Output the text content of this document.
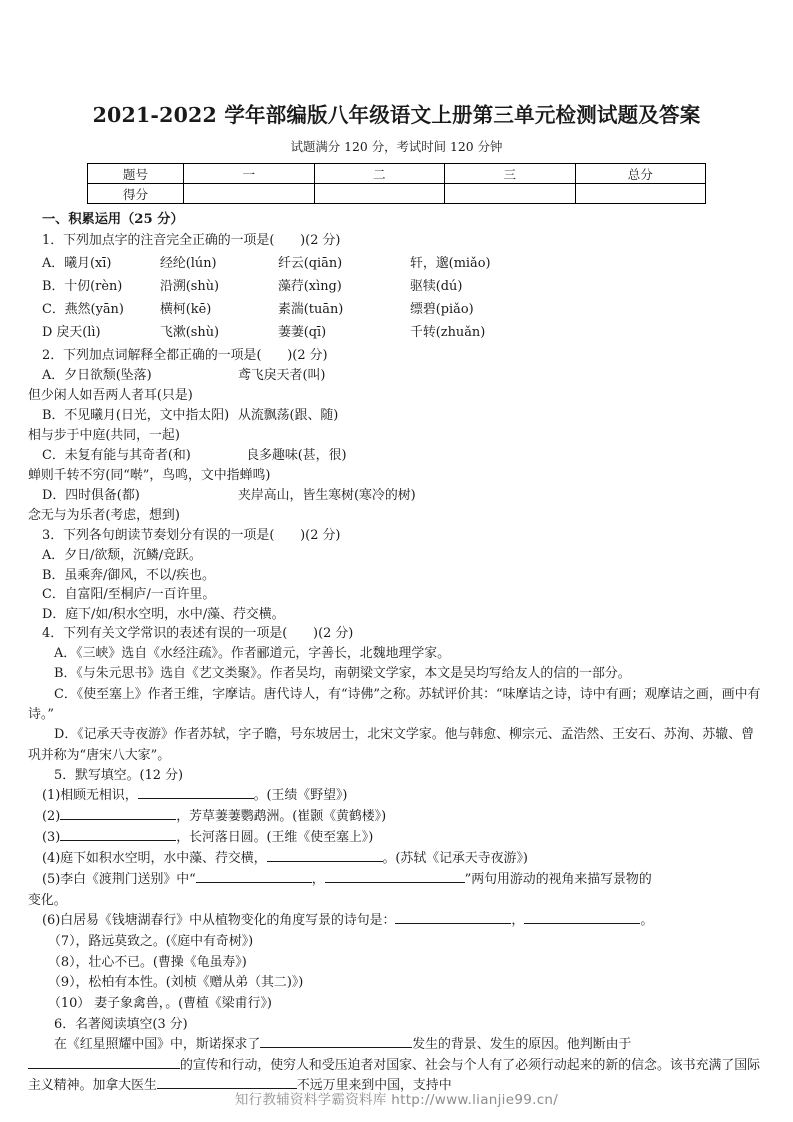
2021-2022 学年部编版八年级语文上册第三单元检测试题及答案
试题满分 120 分，考试时间 120 分钟
题号	一	二	三	总分
得分				
一、积累运用（25 分）
1．下列加点字的注音完全正确的一项是(　　)(2 分)
A．曦月(xī)	经纶(lún)	纤云(qiān)	轩，邈(miǎo)
B．十仞(rèn)	沿溯(shù)	藻荇(xìng)	驱犊(dú)
C．燕然(yān)	横柯(kē)	素湍(tuān)	缥碧(piǎo)
D 戾天(lì)	飞漱(shù)	萋萋(qī)	千转(zhuǎn)
2．下列加点词解释全都正确的一项是(　　)(2 分)
A．夕日欲颓(坠落)	鸢飞戾天者(叫)
但少闲人如吾两人者耳(只是)
B．不见曦月(日光，文中指太阳) 从流飘荡(跟、随)
相与步于中庭(共同，一起)
C．未复有能与其奇者(和)	良多趣味(甚，很)
蝉则千转不穷(同“啭”，鸟鸣，文中指蝉鸣)
D．四时俱备(都)	夹岸高山，皆生寒树(寒冷的树)
念无与为乐者(考虑，想到)
3．下列各句朗读节奏划分有误的一项是(　　)(2 分)
A．夕日/欲颓，沉鳞/竞跃。
B．虽乘奔/御风，不以/疾也。
C．自富阳/至桐庐/一百许里。
D．庭下/如/积水空明，水中/藻、荇交横。
4．下列有关文学常识的表述有误的一项是(　　)(2 分)
A．《三峡》选自《水经注疏》。作者郦道元，字善长，北魏地理学家。
B．《与朱元思书》选自《艺文类聚》。作者吴均，南朝梁文学家，本文是吴均写给友人的信的一部分。
C．《使至塞上》作者王维，字摩诘。唐代诗人，有“诗佛”之称。苏轼评价其：“味摩诘之诗，诗中有画；观摩诘之画，画中有诗。”
D．《记承天寺夜游》作者苏轼，字子瞻，号东坡居士，北宋文学家。他与韩愈、柳宗元、孟浩然、王安石、苏洵、苏辙、曾巩并称为“唐宋八大家”。
5．默写填空。(12 分)
(1)相顾无相识，	。(王绩《野望》)
(2)	，芳草萋萋鹦鹉洲。(崔颢《黄鹤楼》)
(3)	，长河落日圆。(王维《使至塞上》)
(4)庭下如积水空明，水中藻、荇交横，	。(苏轼《记承天寺夜游》)
(5)李白《渡荆门送别》中“	，	”两句用游动的视角来描写景物的
变化。
(6)白居易《钱塘湖春行》中从植物变化的角度写景的诗句是：	，	。
（7），路远莫致之。(《庭中有奇树》)
（8），壮心不已。(曹操《龟虽寿》)
（9），松柏有本性。(刘桢《赠从弟（其二)》)
（10） 妻子象禽兽，。(曹植《梁甫行》)
6．名著阅读填空(3 分)
在《红星照耀中国》中，斯诺探求了	发生的背景、发生的原因。他判断由于的宣传和行动，使穷人和受压迫者对国家、社会与个人有了必须行动起来的新的信念。该书充满了国际主义精神。加拿大医生	不远万里来到中国，支持中
知行教辅资料学霸资料库 http://www.lianjie99.cn/
